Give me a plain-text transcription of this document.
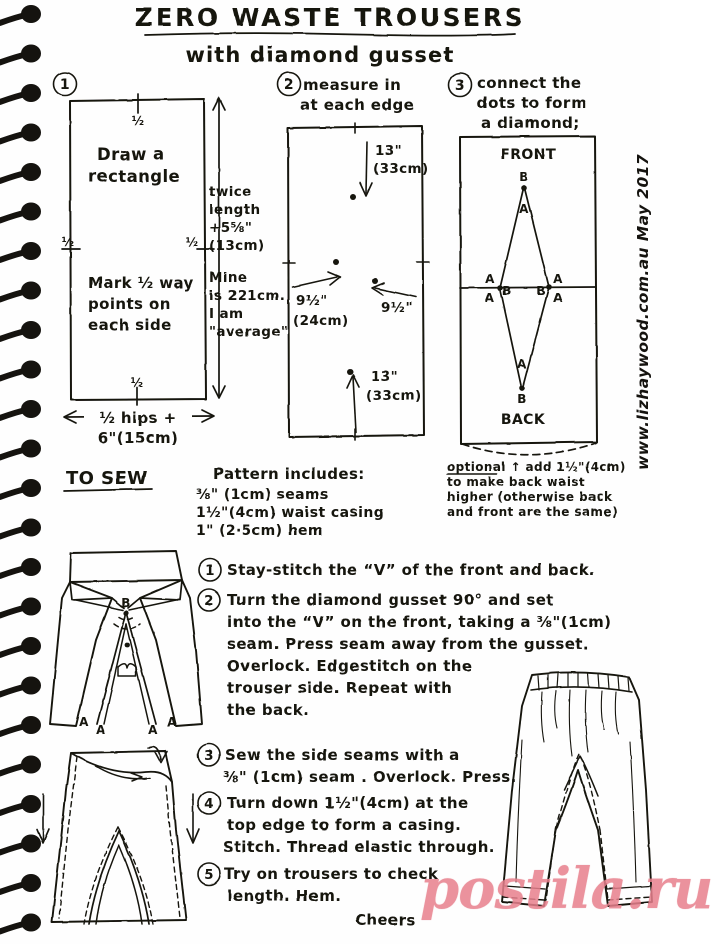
ZERO WASTE TROUSERS
with diamond gusset
www.lizhaywood.com.au May 2017
1
½
½
½	½
Draw a
rectangle
Mark ½ way
points on
each side
twice
length
+5⅝"
(13cm)
Mine
is 221cm.
I am
"average"
½ hips +
6"(15cm)
2 measure in
at each edge
13"
(33cm)
9½"
(24cm)
9½"
13"
(33cm)
3 connect the
dots to form
a diamond;
FRONT
BACK
B
A
A
B
A
A
B A
A
B
optional ↑ add 1½"(4cm)
to make back waist
higher (otherwise back
and front are the same)
TO SEW	Pattern includes:
⅜" (1cm) seams
1½"(4cm) waist casing
1" (2·5cm) hem
B
A
A	A
A
1 Stay-stitch the “V” of the front and back.
2 Turn the diamond gusset 90° and set
into the “V” on the front, taking a ⅜"(1cm)
seam. Press seam away from the gusset.
Overlock. Edgestitch on the
trouser side. Repeat with
the back.
3 Sew the side seams with a
⅜" (1cm) seam . Overlock. Press.
4 Turn down 1½"(4cm) at the
top edge to form a casing.
Stitch. Thread elastic through.
5 Try on trousers to check
length. Hem.
Cheers postila.ru
